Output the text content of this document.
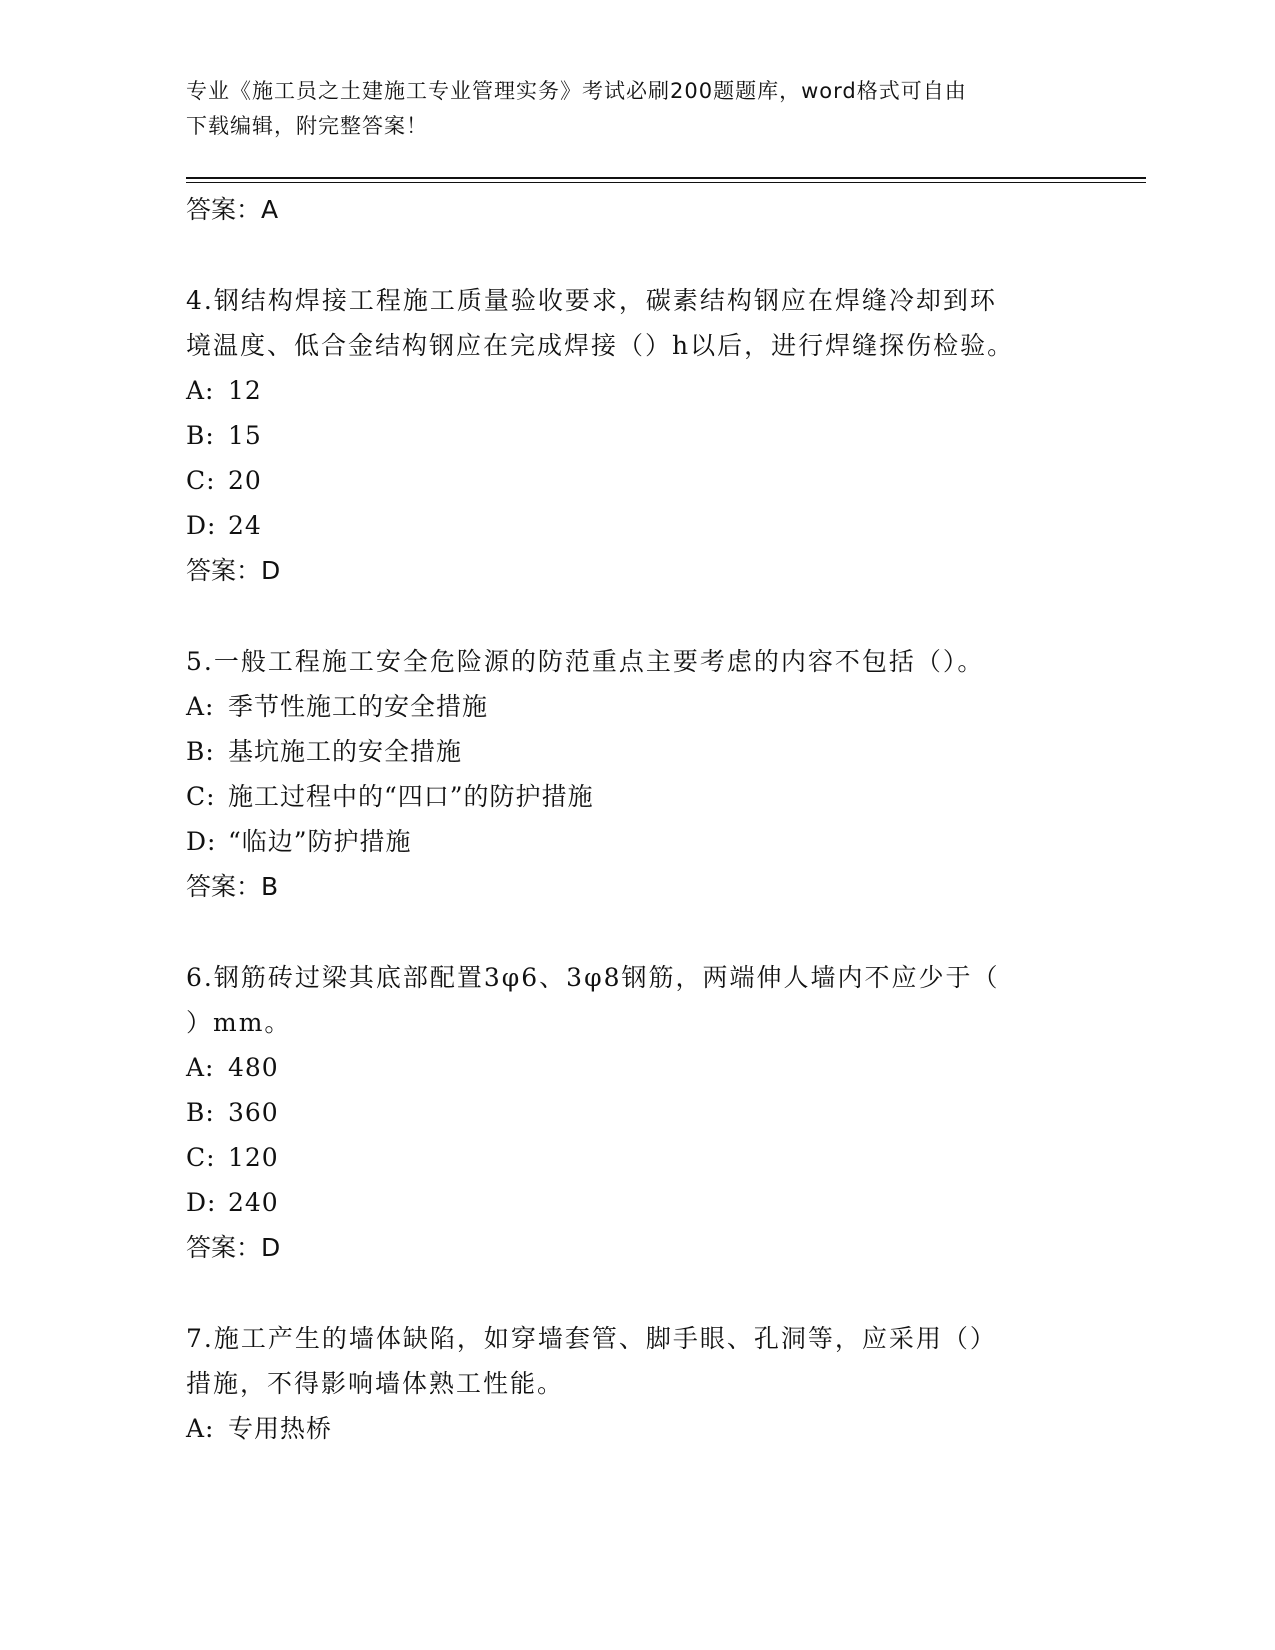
专业《施工员之土建施工专业管理实务》考试必刷200题题库，word格式可自由
下载编辑，附完整答案！
答案：A
4.钢结构焊接工程施工质量验收要求，碳素结构钢应在焊缝冷却到环
境温度、低合金结构钢应在完成焊接（）h以后，进行焊缝探伤检验。
A: 12
B: 15
C: 20
D: 24
答案：D
5.一般工程施工安全危险源的防范重点主要考虑的内容不包括（）。
A: 季节性施工的安全措施
B: 基坑施工的安全措施
C: 施工过程中的“四口”的防护措施
D: “临边”防护措施
答案：B
6.钢筋砖过梁其底部配置3φ6、3φ8钢筋，两端伸人墙内不应少于（
）mm。
A: 480
B: 360
C: 120
D: 240
答案：D
7.施工产生的墙体缺陷，如穿墙套管、脚手眼、孔洞等，应采用（）
措施，不得影响墙体熟工性能。
A: 专用热桥
